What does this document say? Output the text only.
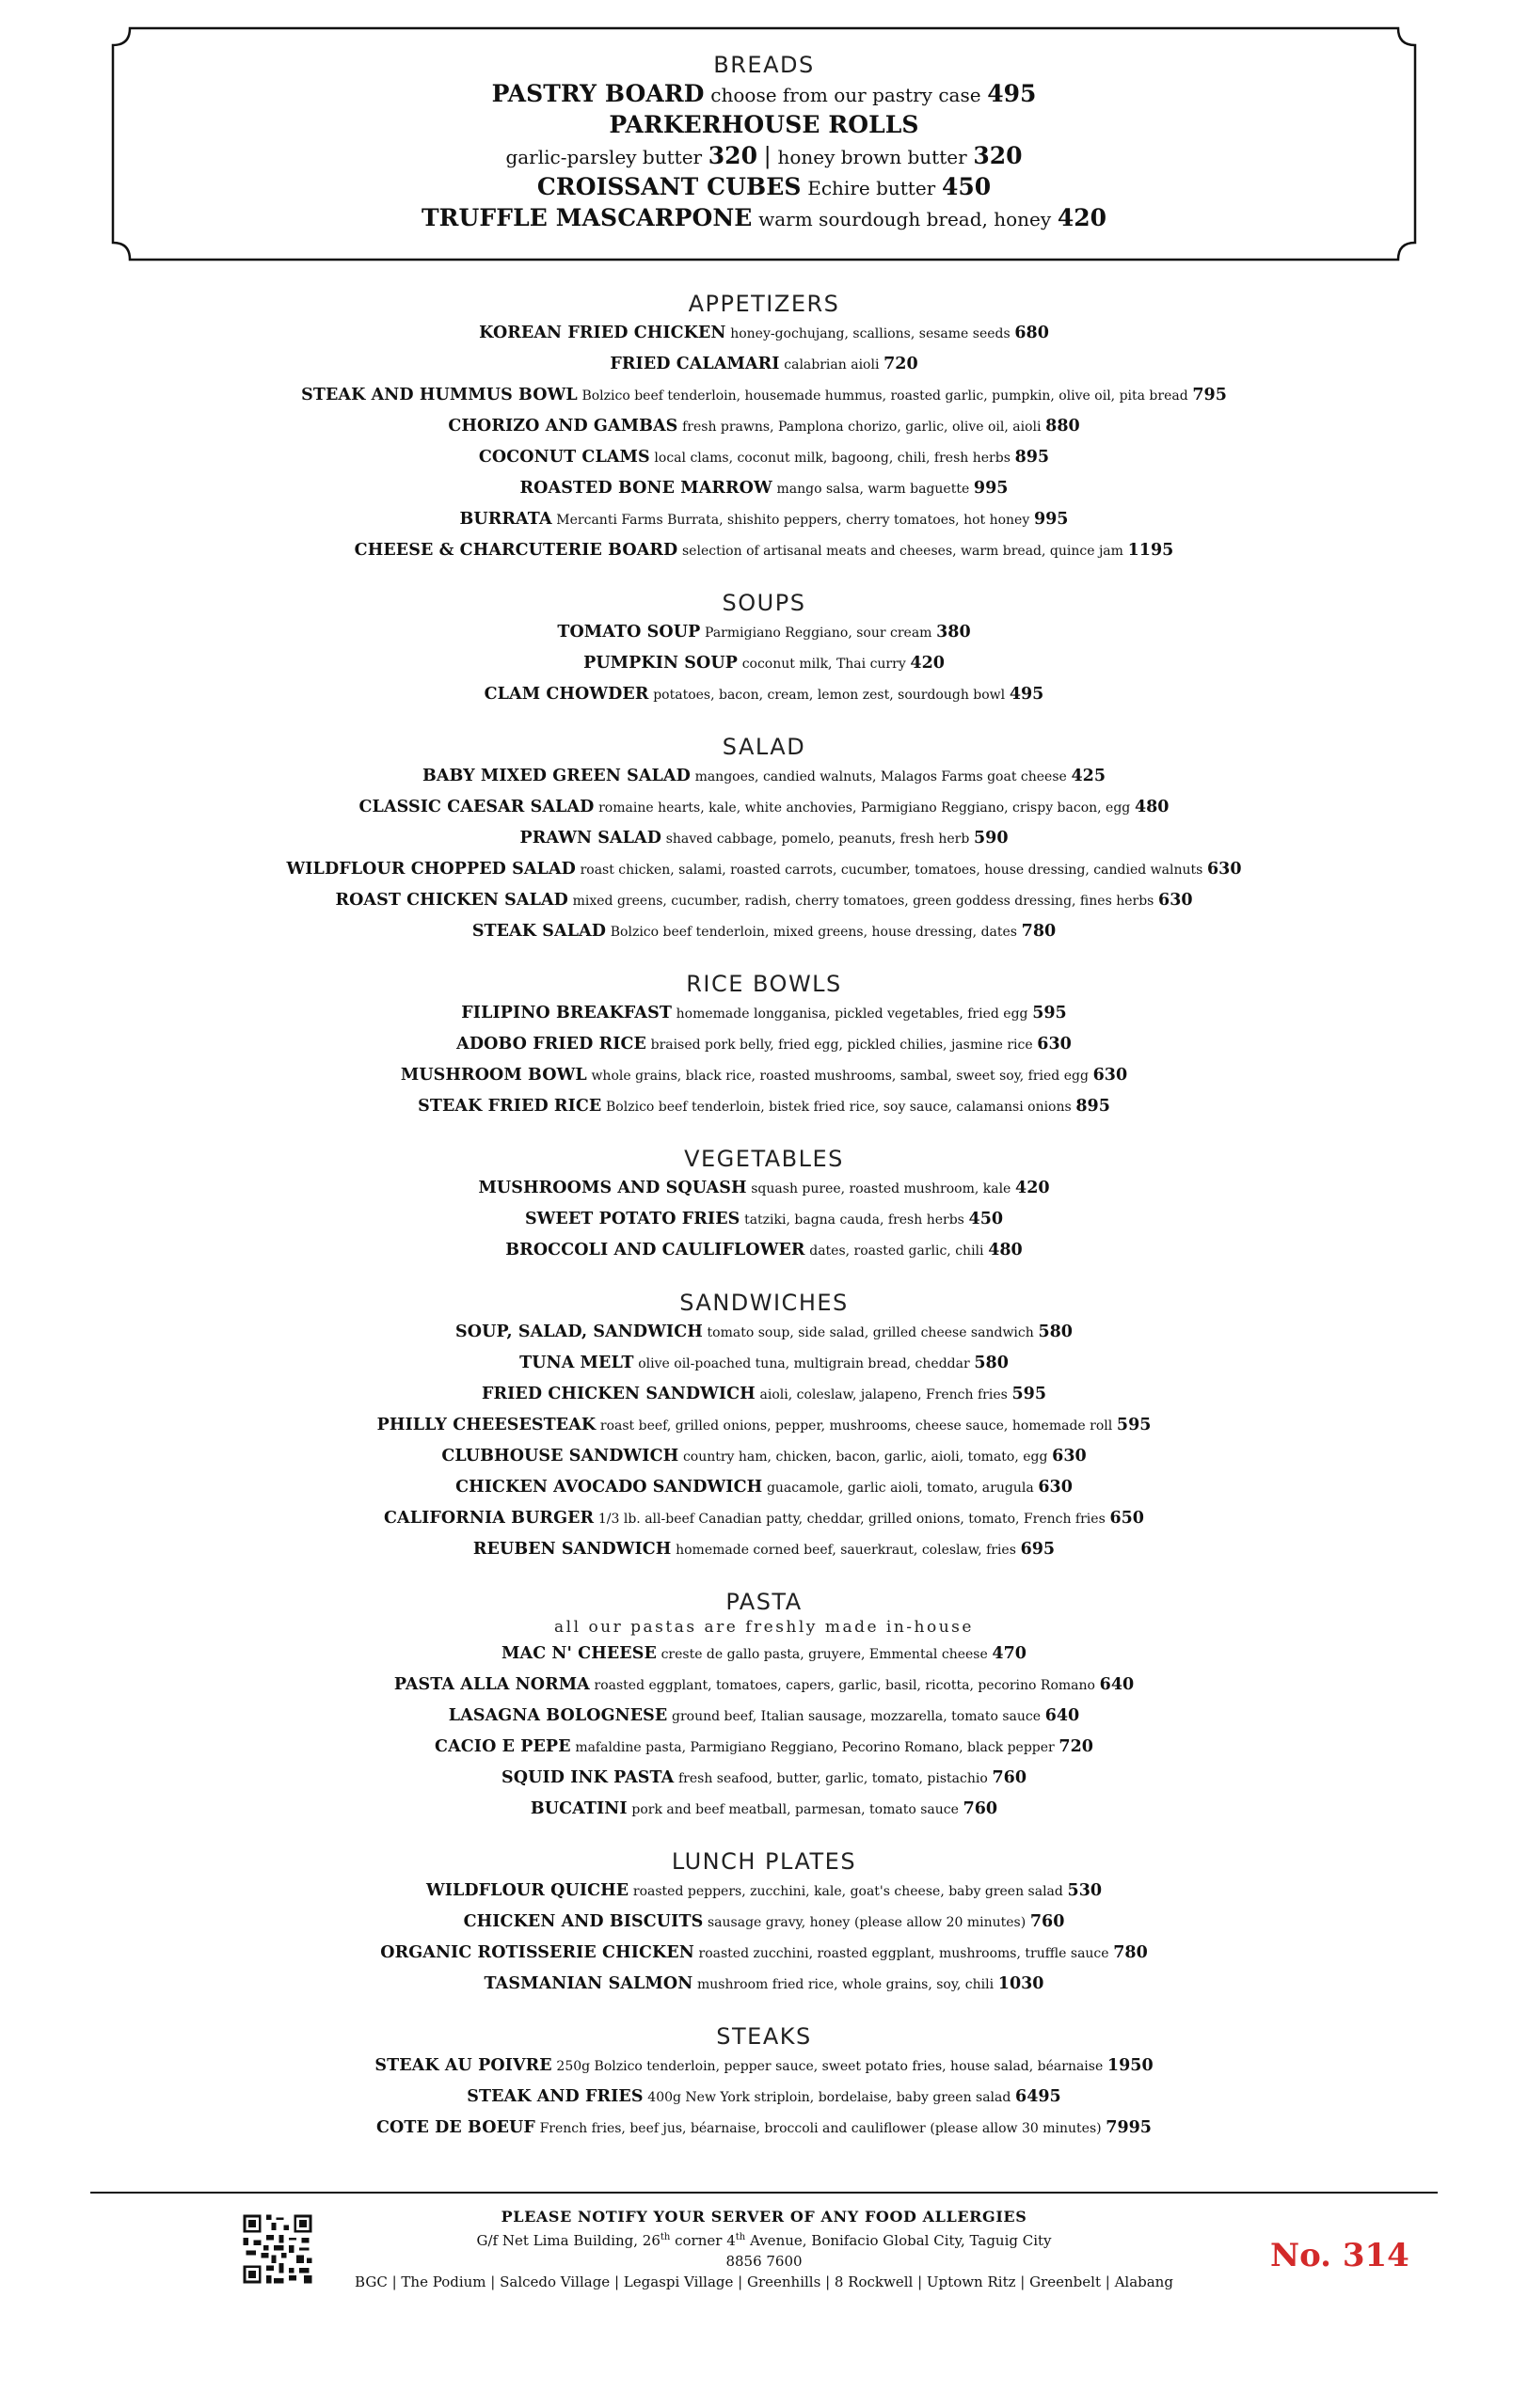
BREADS

PASTRY BOARD choose from our pastry case 495

PARKERHOUSE ROLLS

garlic-parsley butter 320 | honey brown butter 320

CROISSANT CUBES Echire butter 450

TRUFFLE MASCARPONE warm sourdough bread, honey 420

APPETIZERS

KOREAN FRIED CHICKEN honey-gochujang, scallions, sesame seeds 680

FRIED CALAMARI calabrian aioli 720

STEAK AND HUMMUS BOWL Bolzico beef tenderloin, housemade hummus, roasted garlic, pumpkin, olive oil, pita bread 795

CHORIZO AND GAMBAS fresh prawns, Pamplona chorizo, garlic, olive oil, aioli 880

COCONUT CLAMS local clams, coconut milk, bagoong, chili, fresh herbs 895

ROASTED BONE MARROW mango salsa, warm baguette 995

BURRATA Mercanti Farms Burrata, shishito peppers, cherry tomatoes, hot honey 995

CHEESE & CHARCUTERIE BOARD selection of artisanal meats and cheeses, warm bread, quince jam 1195

SOUPS

TOMATO SOUP Parmigiano Reggiano, sour cream 380

PUMPKIN SOUP coconut milk, Thai curry 420

CLAM CHOWDER potatoes, bacon, cream, lemon zest, sourdough bowl 495

SALAD

BABY MIXED GREEN SALAD mangoes, candied walnuts, Malagos Farms goat cheese 425

CLASSIC CAESAR SALAD romaine hearts, kale, white anchovies, Parmigiano Reggiano, crispy bacon, egg 480

PRAWN SALAD shaved cabbage, pomelo, peanuts, fresh herb 590

WILDFLOUR CHOPPED SALAD roast chicken, salami, roasted carrots, cucumber, tomatoes, house dressing, candied walnuts 630

ROAST CHICKEN SALAD mixed greens, cucumber, radish, cherry tomatoes, green goddess dressing, fines herbs 630

STEAK SALAD Bolzico beef tenderloin, mixed greens, house dressing, dates 780

RICE BOWLS

FILIPINO BREAKFAST homemade longganisa, pickled vegetables, fried egg 595

ADOBO FRIED RICE braised pork belly, fried egg, pickled chilies, jasmine rice 630

MUSHROOM BOWL whole grains, black rice, roasted mushrooms, sambal, sweet soy, fried egg 630

STEAK FRIED RICE Bolzico beef tenderloin, bistek fried rice, soy sauce, calamansi onions 895

VEGETABLES

MUSHROOMS AND SQUASH squash puree, roasted mushroom, kale 420

SWEET POTATO FRIES tatziki, bagna cauda, fresh herbs 450

BROCCOLI AND CAULIFLOWER dates, roasted garlic, chili 480

SANDWICHES

SOUP, SALAD, SANDWICH tomato soup, side salad, grilled cheese sandwich 580

TUNA MELT olive oil-poached tuna, multigrain bread, cheddar 580

FRIED CHICKEN SANDWICH aioli, coleslaw, jalapeno, French fries 595

PHILLY CHEESESTEAK roast beef, grilled onions, pepper, mushrooms, cheese sauce, homemade roll 595

CLUBHOUSE SANDWICH country ham, chicken, bacon, garlic, aioli, tomato, egg 630

CHICKEN AVOCADO SANDWICH guacamole, garlic aioli, tomato, arugula 630

CALIFORNIA BURGER 1/3 lb. all-beef Canadian patty, cheddar, grilled onions, tomato, French fries 650

REUBEN SANDWICH homemade corned beef, sauerkraut, coleslaw, fries 695

PASTA

all our pastas are freshly made in-house

MAC N' CHEESE creste de gallo pasta, gruyere, Emmental cheese 470

PASTA ALLA NORMA roasted eggplant, tomatoes, capers, garlic, basil, ricotta, pecorino Romano 640

LASAGNA BOLOGNESE ground beef, Italian sausage, mozzarella, tomato sauce 640

CACIO E PEPE mafaldine pasta, Parmigiano Reggiano, Pecorino Romano, black pepper 720

SQUID INK PASTA fresh seafood, butter, garlic, tomato, pistachio 760

BUCATINI pork and beef meatball, parmesan, tomato sauce 760

LUNCH PLATES

WILDFLOUR QUICHE roasted peppers, zucchini, kale, goat's cheese, baby green salad 530

CHICKEN AND BISCUITS sausage gravy, honey (please allow 20 minutes) 760

ORGANIC ROTISSERIE CHICKEN roasted zucchini, roasted eggplant, mushrooms, truffle sauce 780

TASMANIAN SALMON mushroom fried rice, whole grains, soy, chili 1030

STEAKS

STEAK AU POIVRE 250g Bolzico tenderloin, pepper sauce, sweet potato fries, house salad, béarnaise 1950

STEAK AND FRIES 400g New York striploin, bordelaise, baby green salad 6495

COTE DE BOEUF French fries, beef jus, béarnaise, broccoli and cauliflower (please allow 30 minutes) 7995

PLEASE NOTIFY YOUR SERVER OF ANY FOOD ALLERGIES
G/f Net Lima Building, 26th corner 4th Avenue, Bonifacio Global City, Taguig City
8856 7600
BGC | The Podium | Salcedo Village | Legaspi Village | Greenhills | 8 Rockwell | Uptown Ritz | Greenbelt | Alabang
No. 314
